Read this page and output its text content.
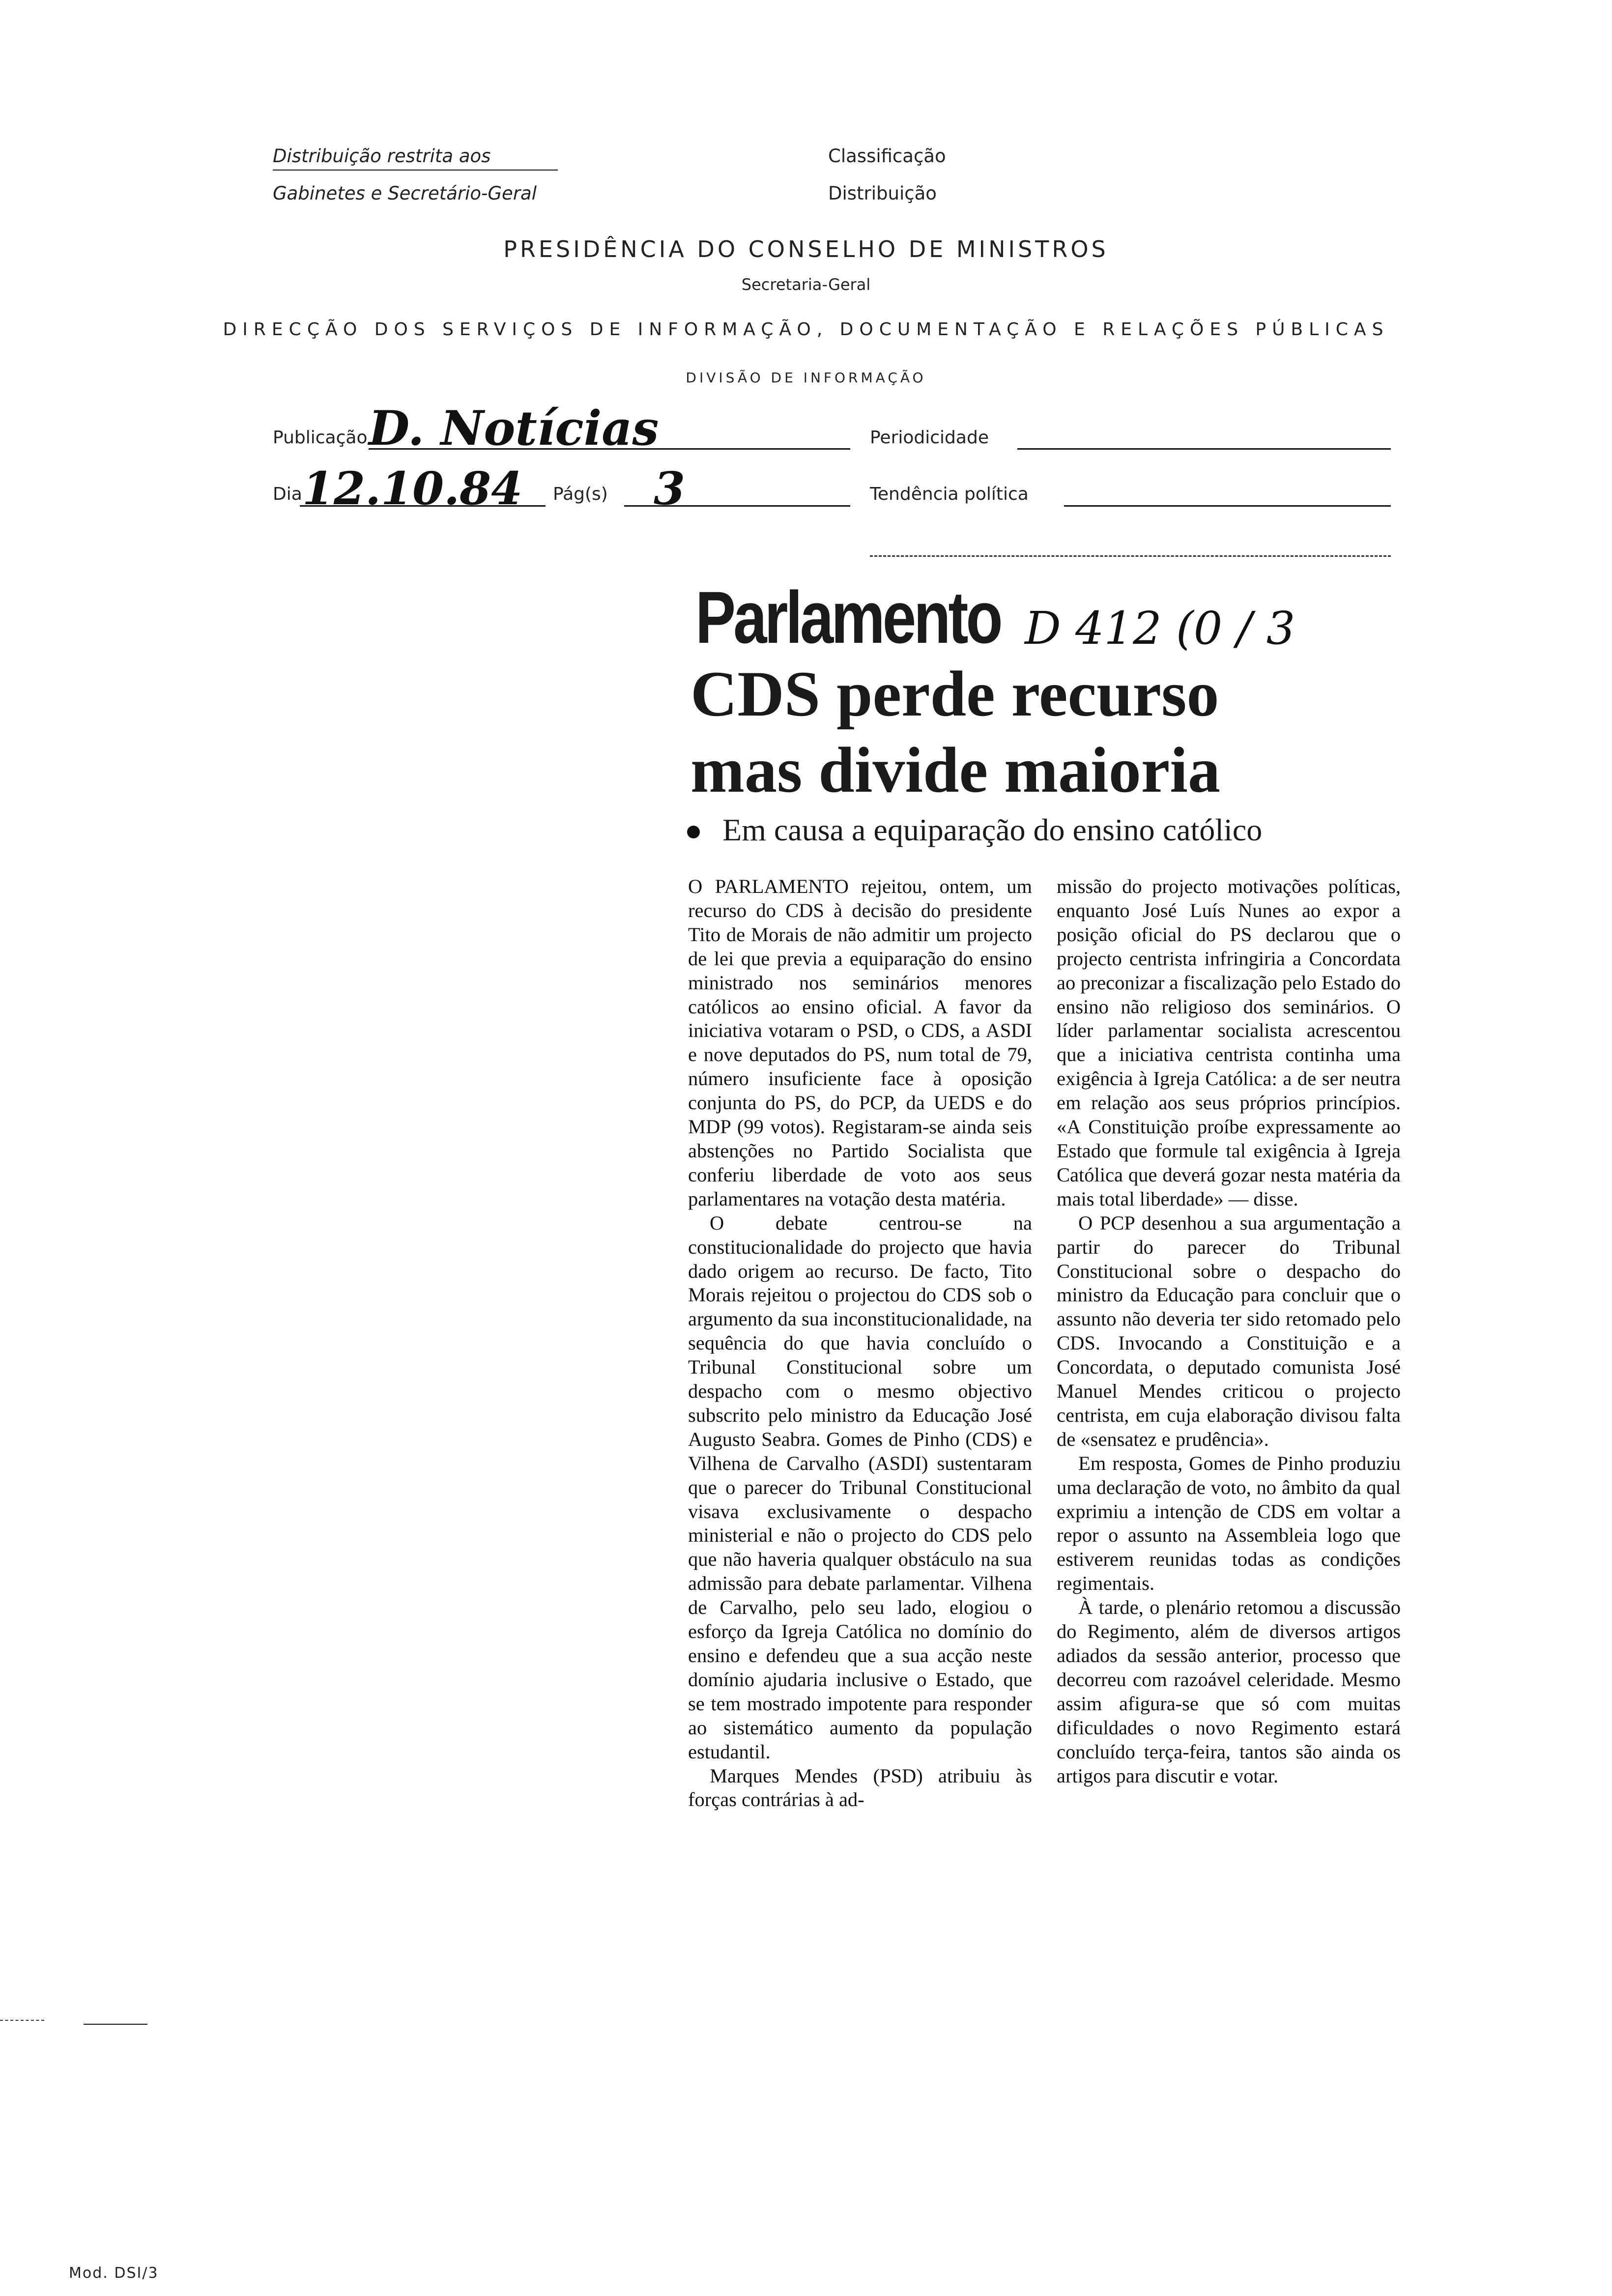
Distribuição restrita aos
Gabinetes e Secretário-Geral
Classificação
Distribuição
PRESIDÊNCIA DO CONSELHO DE MINISTROS
Secretaria-Geral
DIRECÇÃO DOS SERVIÇOS DE INFORMAÇÃO, DOCUMENTAÇÃO E RELAÇÕES PÚBLICAS
DIVISÃO DE INFORMAÇÃO
Publicação D. Notícias	Periodicidade
Dia 12.10.84 Pág(s) 3	Tendência política
Parlamento D 412 (0 / 3
CDS perde recurso
mas divide maioria
Em causa a equiparação do ensino católico

O PARLAMENTO rejeitou, ontem, um recurso do CDS à decisão do presidente Tito de Morais de não admitir um projecto de lei que previa a equiparação do ensino ministrado nos seminários menores católicos ao ensino oficial. A favor da iniciativa votaram o PSD, o CDS, a ASDI e nove deputados do PS, num total de 79, número insuficiente face à oposição conjunta do PS, do PCP, da UEDS e do MDP (99 votos). Registaram-se ainda seis abstenções no Partido Socialista que conferiu liberdade de voto aos seus parlamentares na votação desta matéria.

O debate centrou-se na constitucionalidade do projecto que havia dado origem ao recurso. De facto, Tito Morais rejeitou o projectou do CDS sob o argumento da sua inconstitucionalidade, na sequência do que havia concluído o Tribunal Constitucional sobre um despacho com o mesmo objectivo subscrito pelo ministro da Educação José Augusto Seabra. Gomes de Pinho (CDS) e Vilhena de Carvalho (ASDI) sustentaram que o parecer do Tribunal Constitucional visava exclusivamente o despacho ministerial e não o projecto do CDS pelo que não haveria qualquer obstáculo na sua admissão para debate parlamentar. Vilhena de Carvalho, pelo seu lado, elogiou o esforço da Igreja Católica no domínio do ensino e defendeu que a sua acção neste domínio ajudaria inclusive o Estado, que se tem mostrado impotente para responder ao sistemático aumento da população estudantil.

Marques Mendes (PSD) atribuiu às forças contrárias à ad-

missão do projecto motivações políticas, enquanto José Luís Nunes ao expor a posição oficial do PS declarou que o projecto centrista infringiria a Concordata ao preconizar a fiscalização pelo Estado do ensino não religioso dos seminários. O líder parlamentar socialista acrescentou que a iniciativa centrista continha uma exigência à Igreja Católica: a de ser neutra em relação aos seus próprios princípios. «A Constituição proíbe expressamente ao Estado que formule tal exigência à Igreja Católica que deverá gozar nesta matéria da mais total liberdade» — disse.

O PCP desenhou a sua argumentação a partir do parecer do Tribunal Constitucional sobre o despacho do ministro da Educação para concluir que o assunto não deveria ter sido retomado pelo CDS. Invocando a Constituição e a Concordata, o deputado comunista José Manuel Mendes criticou o projecto centrista, em cuja elaboração divisou falta de «sensatez e prudência».

Em resposta, Gomes de Pinho produziu uma declaração de voto, no âmbito da qual exprimiu a intenção de CDS em voltar a repor o assunto na Assembleia logo que estiverem reunidas todas as condições regimentais.

À tarde, o plenário retomou a discussão do Regimento, além de diversos artigos adiados da sessão anterior, processo que decorreu com razoável celeridade. Mesmo assim afigura-se que só com muitas dificuldades o novo Regimento estará concluído terça-feira, tantos são ainda os artigos para discutir e votar.

Mod. DSI/3
